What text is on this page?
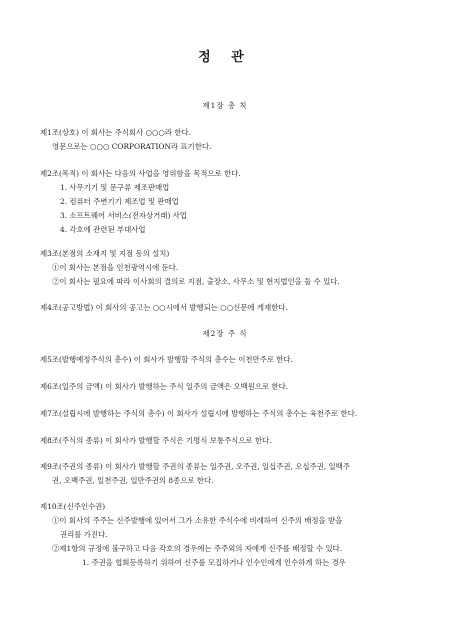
정 관
제1장 총 칙
제1조(상호) 이 회사는 주식회사 ○○○라 한다.
영문으로는 ○○○ CORPORATION라 표기한다.
제2조(목적) 이 회사는 다음의 사업을 영위함을 목적으로 한다.
1. 사무기기 및 문구류 제조판매업
2. 컴퓨터 주변기기 제조업 및 판매업
3. 소프트웨어 서비스(전자상거래) 사업
4. 각호에 관련된 부대사업
제3조(본점의 소재지 및 지점 등의 설치)
①이 회사는 본점을 인천광역시에 둔다.
②이 회사는 필요에 따라 이사회의 결의로 지점, 출장소, 사무소 및 현지법인을 둘 수 있다.
제4조(공고방법) 이 회사의 공고는 ○○시에서 발행되는 ○○신문에 게재한다.
제2장 주 식
제5조(발행예정주식의 총수) 이 회사가 발행할 주식의 총수는 이천만주로 한다.
제6조(일주의 금액) 이 회사가 발행하는 주식 일주의 금액은 오백원으로 한다.
제7조(설립시에 발행하는 주식의 총수) 이 회사가 설립시에 발행하는 주식의 총수는 육천주로 한다.
제8조(주식의 종류) 이 회사가 발행할 주식은 기명식 보통주식으로 한다.
제9조(주권의 종류) 이 회사가 발행할 주권의 종류는 일주권, 오주권, 일십주권, 오십주권, 일백주
권, 오백주권, 일천주권, 일만주권의 8종으로 한다.
제10조(신주인수권)
①이 회사의 주주는 신주발행에 있어서 그가 소유한 주식수에 비례하여 신주의 배정을 받을
권리를 가진다.
②제1항의 규정에 불구하고 다음 각호의 경우에는 주주외의 자에게 신주를 배정할 수 있다.
1. 주권을 협회등록하기 위하여 신주를 모집하거나 인수인에게 인수하게 하는 경우
